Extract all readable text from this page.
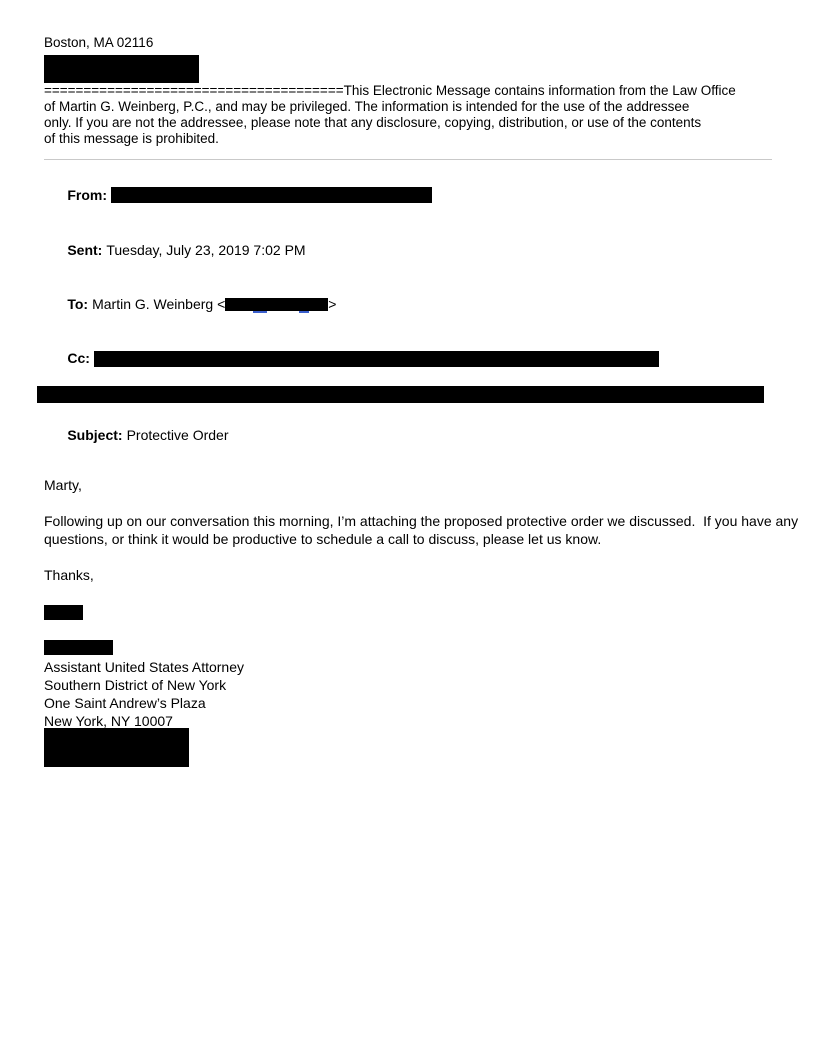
Boston, MA 02116
======================================This Electronic Message contains information from the Law Office
of Martin G. Weinberg, P.C., and may be privileged. The information is intended for the use of the addressee
only. If you are not the addressee, please note that any disclosure, copying, distribution, or use of the contents
of this message is prohibited.

From:

Sent: Tuesday, July 23, 2019 7:02 PM

To: Martin G. Weinberg <	>

Cc:

Subject: Protective Order

Marty,
Following up on our conversation this morning, I’m attaching the proposed protective order we discussed.  If you have any
questions, or think it would be productive to schedule a call to discuss, please let us know.
Thanks,
Assistant United States Attorney
Southern District of New York
One Saint Andrew’s Plaza
New York, NY 10007
